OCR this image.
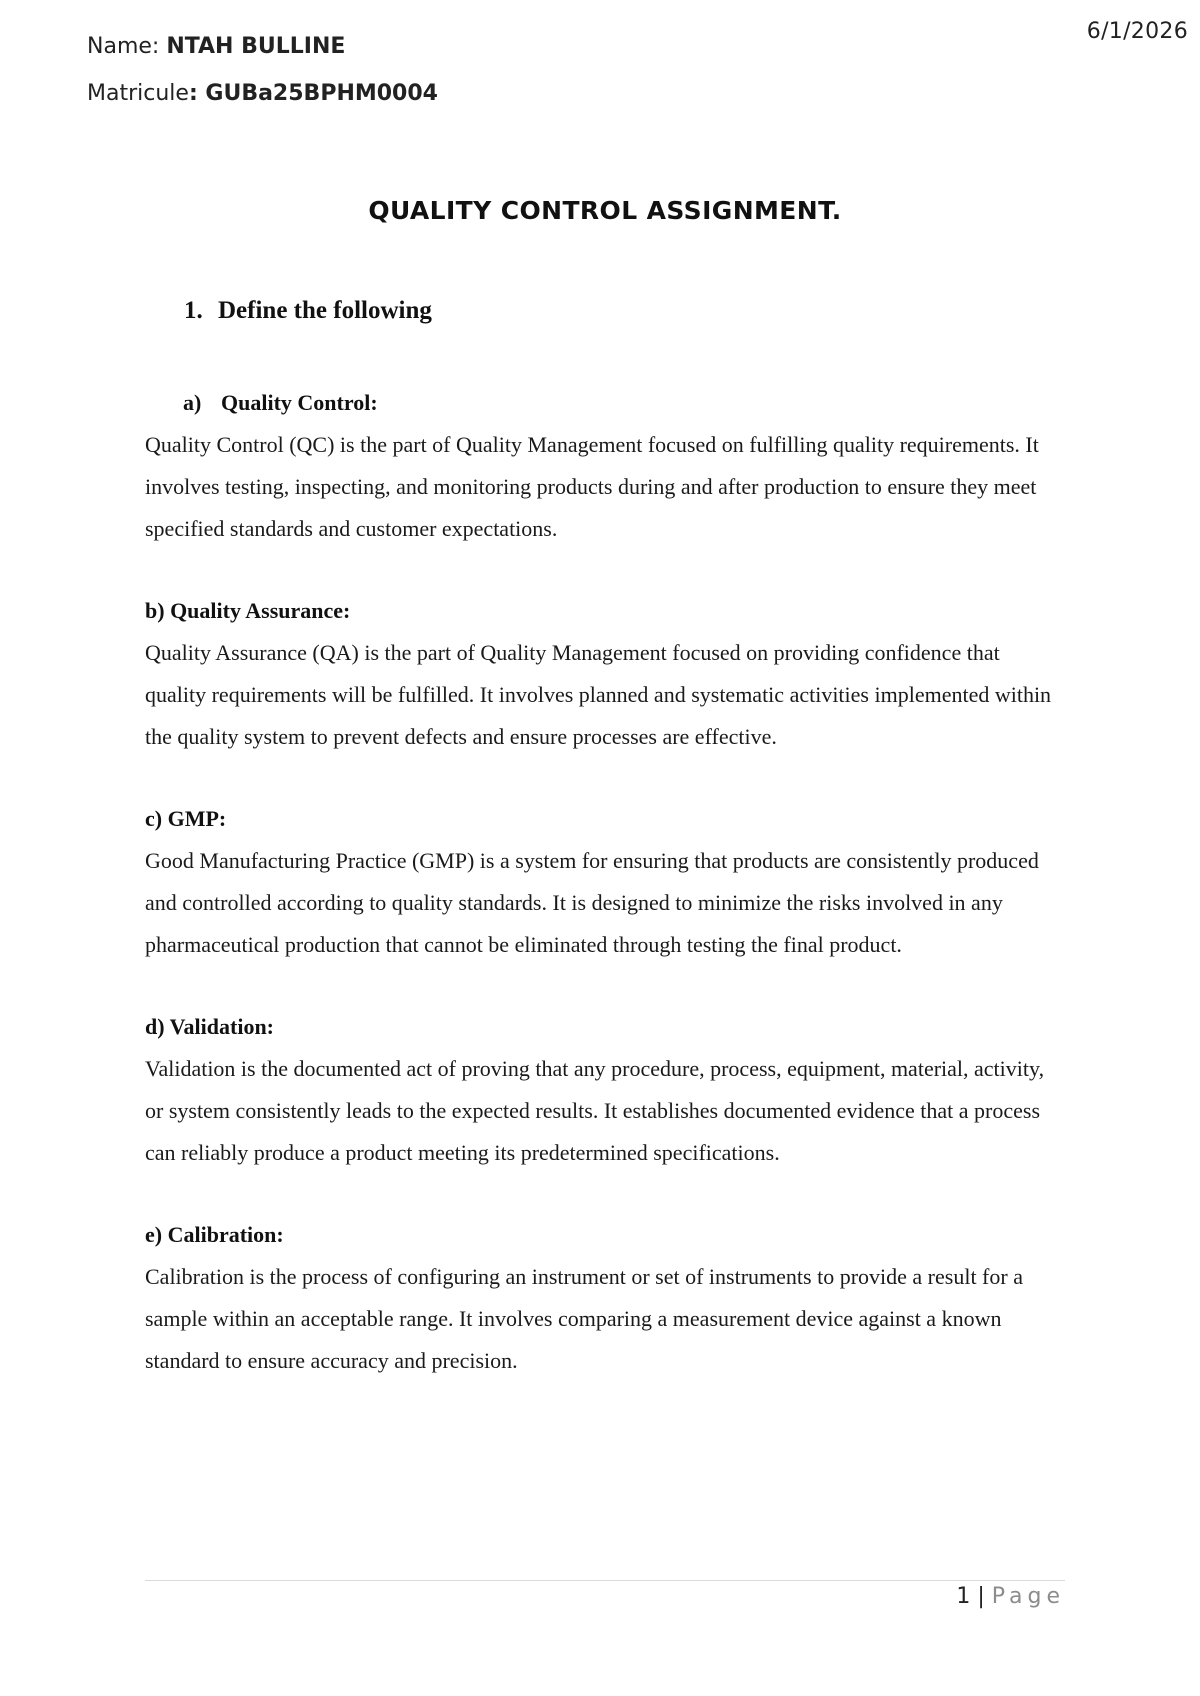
6/1/2026
Name: NTAH BULLINE
Matricule: GUBa25BPHM0004
QUALITY CONTROL ASSIGNMENT.
1. Define the following
a) Quality Control:
Quality Control (QC) is the part of Quality Management focused on fulfilling quality requirements. It involves testing, inspecting, and monitoring products during and after production to ensure they meet specified standards and customer expectations.
b) Quality Assurance:
Quality Assurance (QA) is the part of Quality Management focused on providing confidence that quality requirements will be fulfilled. It involves planned and systematic activities implemented within the quality system to prevent defects and ensure processes are effective.
c) GMP:
Good Manufacturing Practice (GMP) is a system for ensuring that products are consistently produced and controlled according to quality standards. It is designed to minimize the risks involved in any pharmaceutical production that cannot be eliminated through testing the final product.
d) Validation:
Validation is the documented act of proving that any procedure, process, equipment, material, activity, or system consistently leads to the expected results. It establishes documented evidence that a process can reliably produce a product meeting its predetermined specifications.
e) Calibration:
Calibration is the process of configuring an instrument or set of instruments to provide a result for a sample within an acceptable range. It involves comparing a measurement device against a known standard to ensure accuracy and precision.
1 | Page
